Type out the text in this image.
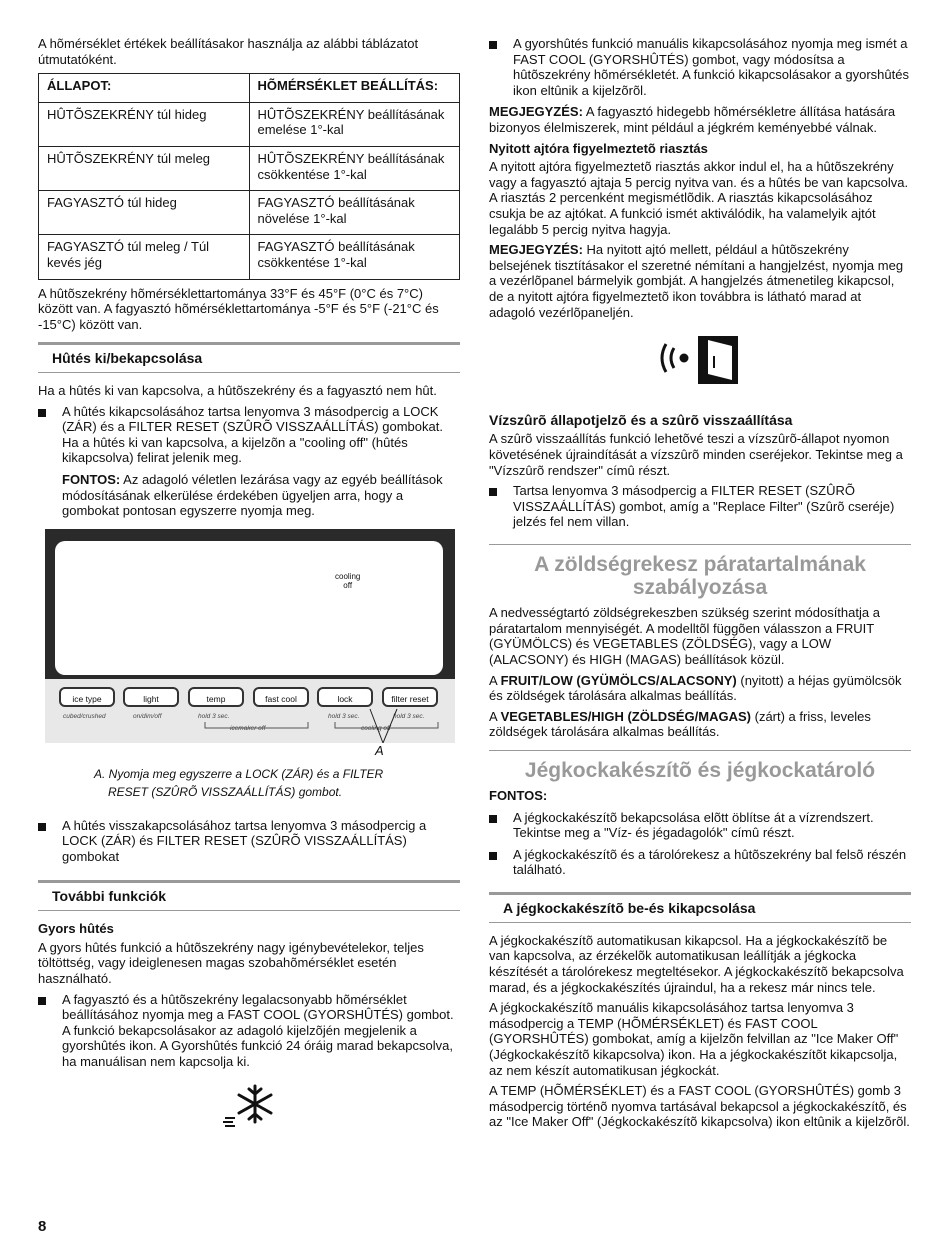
A hõmérséklet értékek beállításakor használja az alábbi táblázatot útmutatóként.

ÁLLAPOT:	HÕMÉRSÉKLET BEÁLLÍTÁS:
HÛTÕSZEKRÉNY túl hideg	HÛTÕSZEKRÉNY beállításának emelése 1°-kal
HÛTÕSZEKRÉNY túl meleg	HÛTÕSZEKRÉNY beállításának csökkentése 1°-kal
FAGYASZTÓ túl hideg	FAGYASZTÓ beállításának növelése 1°-kal
FAGYASZTÓ túl meleg / Túl kevés jég	FAGYASZTÓ beállításának csökkentése 1°-kal

A hûtõszekrény hõmérséklettartománya 33°F és 45°F (0°C és 7°C) között van. A fagyasztó hõmérséklettartománya -5°F és 5°F (-21°C és -15°C) között van.

Hûtés ki/bekapcsolása

Ha a hûtés ki van kapcsolva, a hûtõszekrény és a fagyasztó nem hût.

A hûtés kikapcsolásához tartsa lenyomva 3 másodpercig a LOCK (ZÁR) és a FILTER RESET (SZÛRÕ VISSZAÁLLÍTÁS) gombokat. Ha a hûtés ki van kapcsolva, a kijelzõn a "cooling off" (hûtés kikapcsolva) felirat jelenik meg.

FONTOS: Az adagoló véletlen lezárása vagy az egyéb beállítások módosításának elkerülése érdekében ügyeljen arra, hogy a gombokat pontosan egyszerre nyomja meg.

cooling
off
ice type	light	temp	fast cool	lock	filter reset
cubed/crushed	on/dim/off	hold 3 sec.	hold 3 sec.	hold 3 sec.
icemaker off	cooling off
A
A. Nyomja meg egyszerre a LOCK (ZÁR) és a FILTER
RESET (SZÛRÕ VISSZAÁLLÍTÁS) gombot.
A hûtés visszakapcsolásához tartsa lenyomva 3 másodpercig a LOCK (ZÁR) és FILTER RESET (SZÛRÕ VISSZAÁLLÍTÁS) gombokat
További funkciók
Gyors hûtés

A gyors hûtés funkció a hûtõszekrény nagy igénybevételekor, teljes töltöttség, vagy ideiglenesen magas szobahõmérséklet esetén használható.

A fagyasztó és a hûtõszekrény legalacsonyabb hõmérséklet beállításához nyomja meg a FAST COOL (GYORSHÛTÉS) gombot. A funkció bekapcsolásakor az adagoló kijelzõjén megjelenik a gyorshûtés ikon. A Gyorshûtés funkció 24 óráig marad bekapcsolva, ha manuálisan nem kapcsolja ki.
A gyorshûtés funkció manuális kikapcsolásához nyomja meg ismét a FAST COOL (GYORSHÛTÉS) gombot, vagy módosítsa a hûtõszekrény hõmérsékletét. A funkció kikapcsolásakor a gyorshûtés ikon eltûnik a kijelzõrõl.

MEGJEGYZÉS: A fagyasztó hidegebb hõmérsékletre állítása hatására bizonyos élelmiszerek, mint például a jégkrém keményebbé válnak.

Nyitott ajtóra figyelmeztetõ riasztás

A nyitott ajtóra figyelmeztetõ riasztás akkor indul el, ha a hûtõszekrény vagy a fagyasztó ajtaja 5 percig nyitva van. és a hûtés be van kapcsolva. A riasztás 2 percenként megismétlõdik. A riasztás kikapcsolásához csukja be az ajtókat. A funkció ismét aktiválódik, ha valamelyik ajtót legalább 5 percig nyitva hagyja.

MEGJEGYZÉS: Ha nyitott ajtó mellett, például a hûtõszekrény belsejének tisztításakor el szeretné némítani a hangjelzést, nyomja meg a vezérlõpanel bármelyik gombját. A hangjelzés átmenetileg kikapcsol, de a nyitott ajtóra figyelmeztetõ ikon továbbra is látható marad at adagoló vezérlõpaneljén.

Vízszûrõ állapotjelzõ és a szûrõ visszaállítása

A szûrõ visszaállítás funkció lehetõvé teszi a vízszûrõ-állapot nyomon követésének újraindítását a vízszûrõ minden cseréjekor. Tekintse meg a "Vízszûrõ rendszer" címû részt.

Tartsa lenyomva 3 másodpercig a FILTER RESET (SZÛRÕ VISSZAÁLLÍTÁS) gombot, amíg a "Replace Filter" (Szûrõ cseréje) jelzés fel nem villan.
A zöldségrekesz páratartalmának szabályozása

A nedvességtartó zöldségrekeszben szükség szerint módosíthatja a páratartalom mennyiségét. A modelltõl függõen válasszon a FRUIT (GYÜMÖLCS) és VEGETABLES (ZÖLDSÉG), vagy a LOW (ALACSONY) és HIGH (MAGAS) beállítások közül.

A FRUIT/LOW (GYÜMÖLCS/ALACSONY) (nyitott) a héjas gyümölcsök és zöldségek tárolására alkalmas beállítás.

A VEGETABLES/HIGH (ZÖLDSÉG/MAGAS) (zárt) a friss, leveles zöldségek tárolására alkalmas beállítás.

Jégkockakészítõ és jégkockatároló
FONTOS:
A jégkockakészítõ bekapcsolása elõtt öblítse át a vízrendszert. Tekintse meg a "Víz- és jégadagolók" címû részt.
A jégkockakészítõ és a tárolórekesz a hûtõszekrény bal felsõ részén található.
A jégkockakészítõ be-és kikapcsolása

A jégkockakészítõ automatikusan kikapcsol. Ha a jégkockakészítõ be van kapcsolva, az érzékelõk automatikusan leállítják a jégkocka készítését a tárolórekesz megteltésekor. A jégkockakészítõ bekapcsolva marad, és a jégkockakészítés újraindul, ha a rekesz már nincs tele.

A jégkockakészítõ manuális kikapcsolásához tartsa lenyomva 3 másodpercig a TEMP (HÕMÉRSÉKLET) és FAST COOL (GYORSHÛTÉS) gombokat, amíg a kijelzõn felvillan az "Ice Maker Off" (Jégkockakészítõ kikapcsolva) ikon. Ha a jégkockakészítõt kikapcsolja, az nem készít automatikusan jégkockát.

A TEMP (HÕMÉRSÉKLET) és a FAST COOL (GYORSHÛTÉS) gomb 3 másodpercig történõ nyomva tartásával bekapcsol a jégkockakészítõ, és az "Ice Maker Off" (Jégkockakészítõ kikapcsolva) ikon eltûnik a kijelzõrõl.

8
